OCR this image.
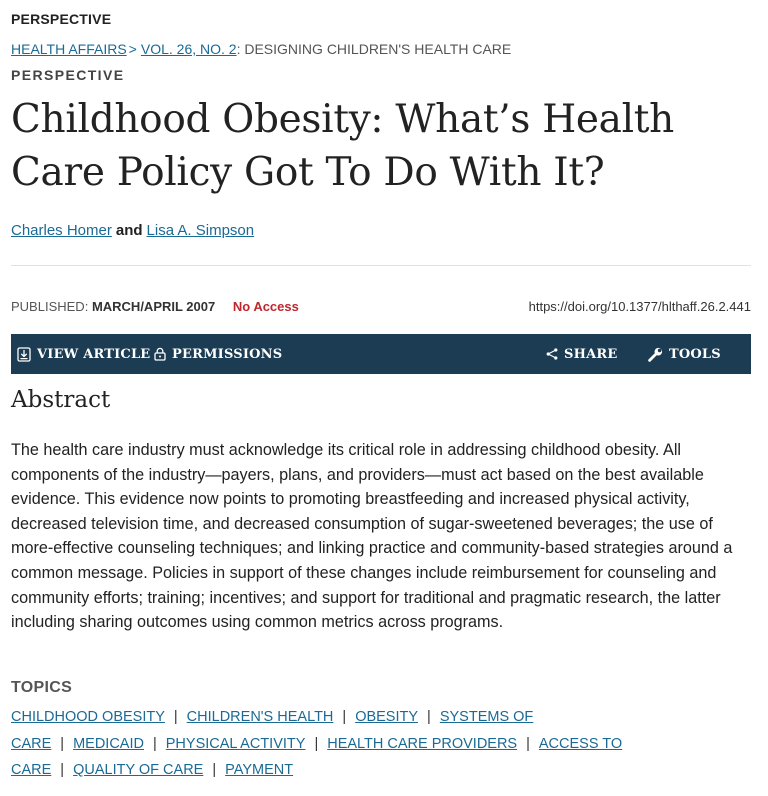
PERSPECTIVE
HEALTH AFFAIRS > VOL. 26, NO. 2: DESIGNING CHILDREN'S HEALTH CARE
PERSPECTIVE
Childhood Obesity: What’s Health Care Policy Got To Do With It?
Charles Homer and Lisa A. Simpson
PUBLISHED: MARCH/APRIL 2007 No Access	https://doi.org/10.1377/hlthaff.26.2.441
VIEW ARTICLE PERMISSIONS	SHARE	TOOLS
Abstract

The health care industry must acknowledge its critical role in addressing childhood obesity. All components of the industry—payers, plans, and providers—must act based on the best available evidence. This evidence now points to promoting breastfeeding and increased physical activity, decreased television time, and decreased consumption of sugar-sweetened beverages; the use of more-effective counseling techniques; and linking practice and community-based strategies around a common message. Policies in support of these changes include reimbursement for counseling and community efforts; training; incentives; and support for traditional and pragmatic research, the latter including sharing outcomes using common metrics across programs.

TOPICS
CHILDHOOD OBESITY | CHILDREN'S HEALTH | OBESITY | SYSTEMS OF CARE | MEDICAID | PHYSICAL ACTIVITY | HEALTH CARE PROVIDERS | ACCESS TO CARE | QUALITY OF CARE | PAYMENT
